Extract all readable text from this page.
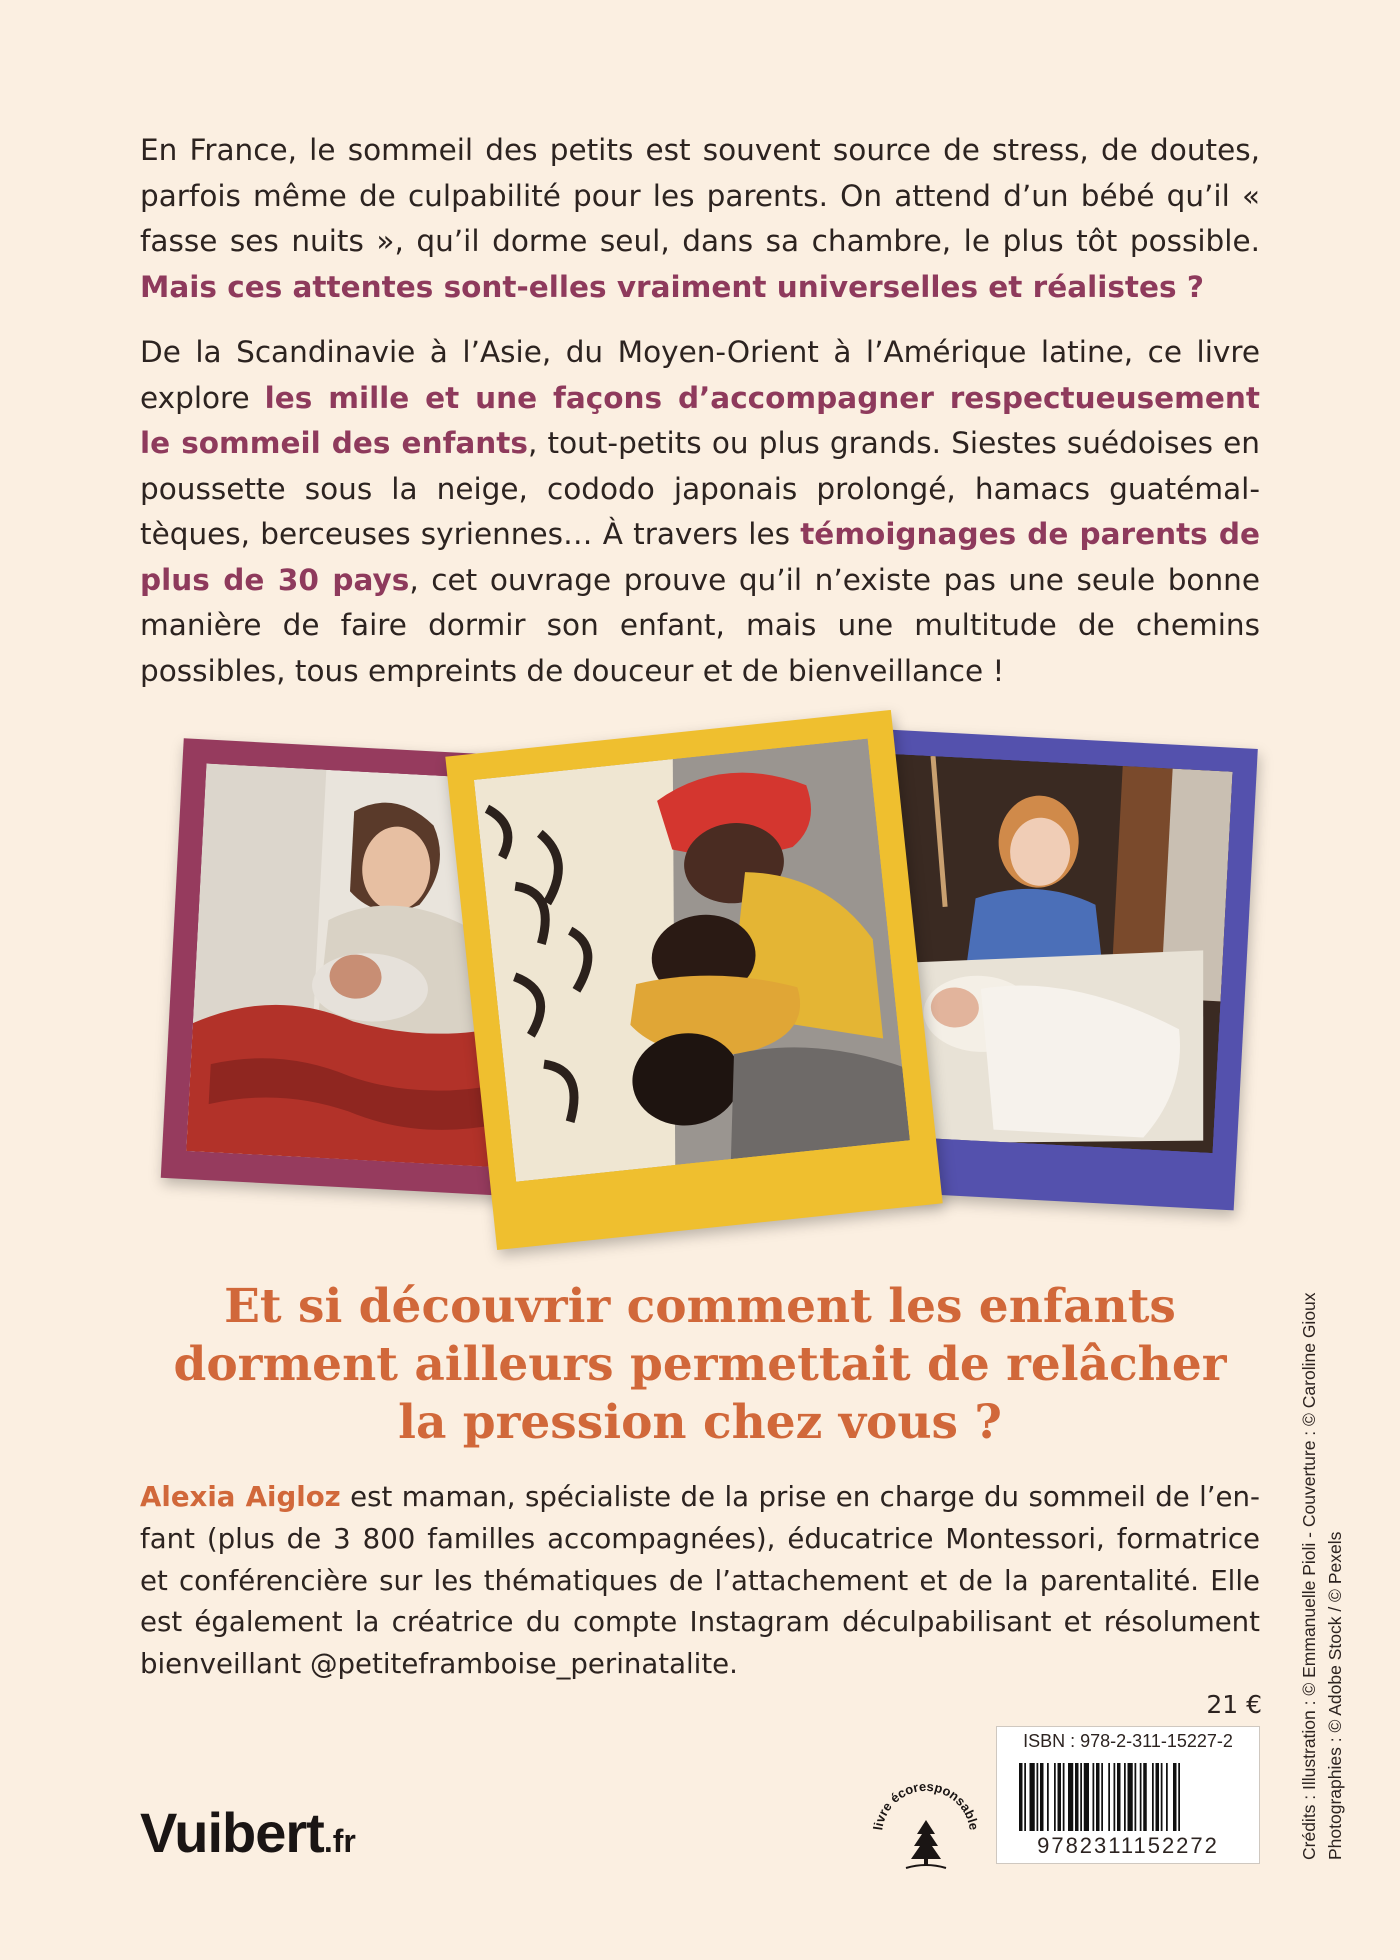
En France, le sommeil des petits est souvent source de stress, de doutes, parfois même de culpabilité pour les parents. On attend d’un bébé qu’il « fasse ses nuits », qu’il dorme seul, dans sa chambre, le plus tôt possible. Mais ces attentes sont-elles vraiment universelles et réalistes ?

De la Scandinavie à l’Asie, du Moyen-Orient à l’Amérique latine, ce livre explore les mille et une façons d’accompagner respectueusement le sommeil des enfants, tout-petits ou plus grands. Siestes suédoises en poussette sous la neige, cododo japonais prolongé, hamacs guatémaltèques, berceuses syriennes… À travers les témoignages de parents de plus de 30 pays, cet ouvrage prouve qu’il n’existe pas une seule bonne manière de faire dormir son enfant, mais une multitude de chemins possibles, tous empreints de douceur et de bienveillance !

Et si découvrir comment les enfants
dorment ailleurs permettait de relâcher
la pression chez vous ?

Alexia Aigloz est maman, spécialiste de la prise en charge du sommeil de l’enfant (plus de 3 800 familles accompagnées), éducatrice Montessori, formatrice et conférencière sur les thématiques de l’attachement et de la parentalité. Elle est également la créatrice du compte Instagram déculpabilisant et résolument bienveillant @petiteframboise_perinatalite.

21 €
ISBN : 978-2-311-15227-2
9782311152272
Vuibert.fr	livre écoresponsable	Crédits : Illustration : © Emmanuelle Pioli - Couverture : © Caroline Gioux Photographies : © Adobe Stock / © Pexels
